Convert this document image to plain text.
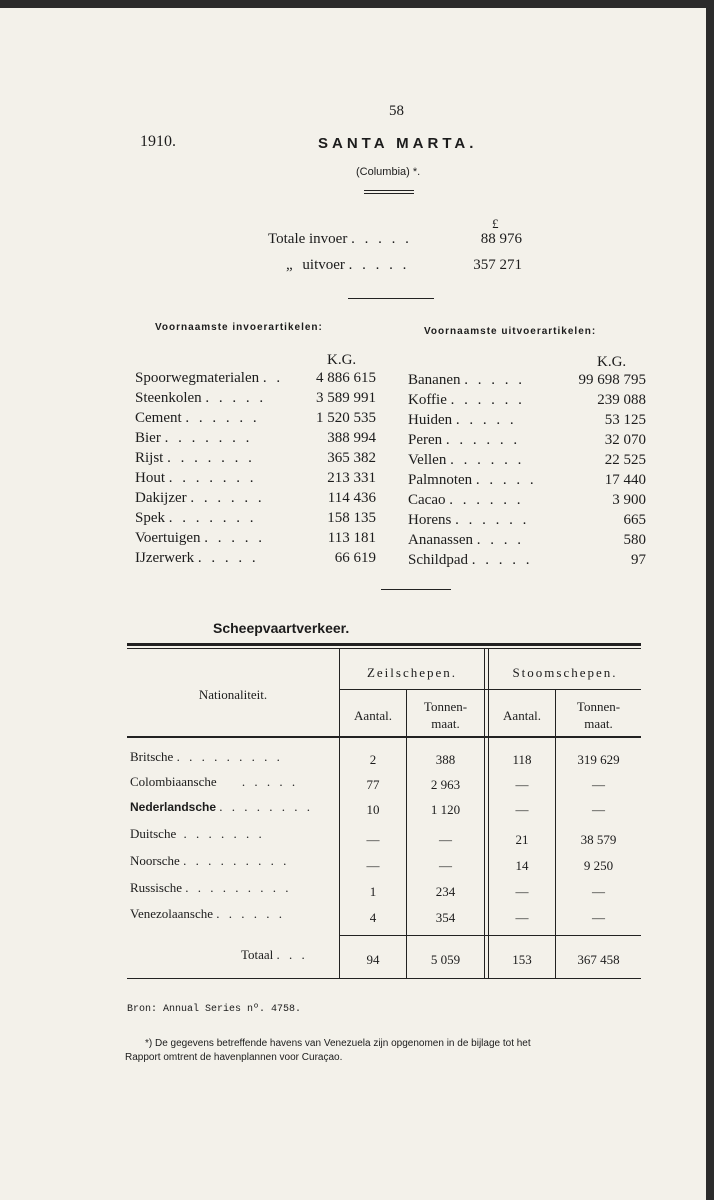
58
1910.	SANTA MARTA.
(Columbia) *.
£
Totale invoer . . . . .	88 976
„ uitvoer . . . . .	357 271
Voornaamste invoerartikelen:	Voornaamste uitvoerartikelen:
K.G.	K.G.
Spoorwegmaterialen . .	4 886 615
Steenkolen . . . . .	3 589 991
Cement . . . . . .	1 520 535
Bier . . . . . . .	388 994
Rijst . . . . . . .	365 382
Hout . . . . . . .	213 331
Dakijzer . . . . . .	114 436
Spek . . . . . . .	158 135
Voertuigen . . . . .	113 181
IJzerwerk . . . . .	66 619
Bananen . . . . .	99 698 795
Koffie . . . . . .	239 088
Huiden . . . . .	53 125
Peren . . . . . .	32 070
Vellen . . . . . .	22 525
Palmnoten . . . . .	17 440
Cacao . . . . . .	3 900
Horens . . . . . .	665
Ananassen . . . .	580
Schildpad . . . . .	97
Scheepvaartverkeer.
Nationaliteit.
Zeilschepen.	Stoomschepen.
Aantal.
Tonnen-
maat.
Aantal.
Tonnen-
maat.
Britsche . . . . . . . . .	2	388	118	319 629
Colombiaansche . . . . .	77	2 963	—	—
Nederlandsche . . . . . . . .	10	1 120	—	—
Duitsche . . . . . . .	—	—	21	38 579
Noorsche . . . . . . . . .	—	—	14	9 250
Russische . . . . . . . . .	1	234	—	—
Venezolaansche . . . . . .	4	354	—	—
Totaal . . .	94	5 059	153	367 458
Bron: Annual Series nº. 4758.
*) De gegevens betreffende havens van Venezuela zijn opgenomen in de bijlage tot het
Rapport omtrent de havenplannen voor Curaçao.
